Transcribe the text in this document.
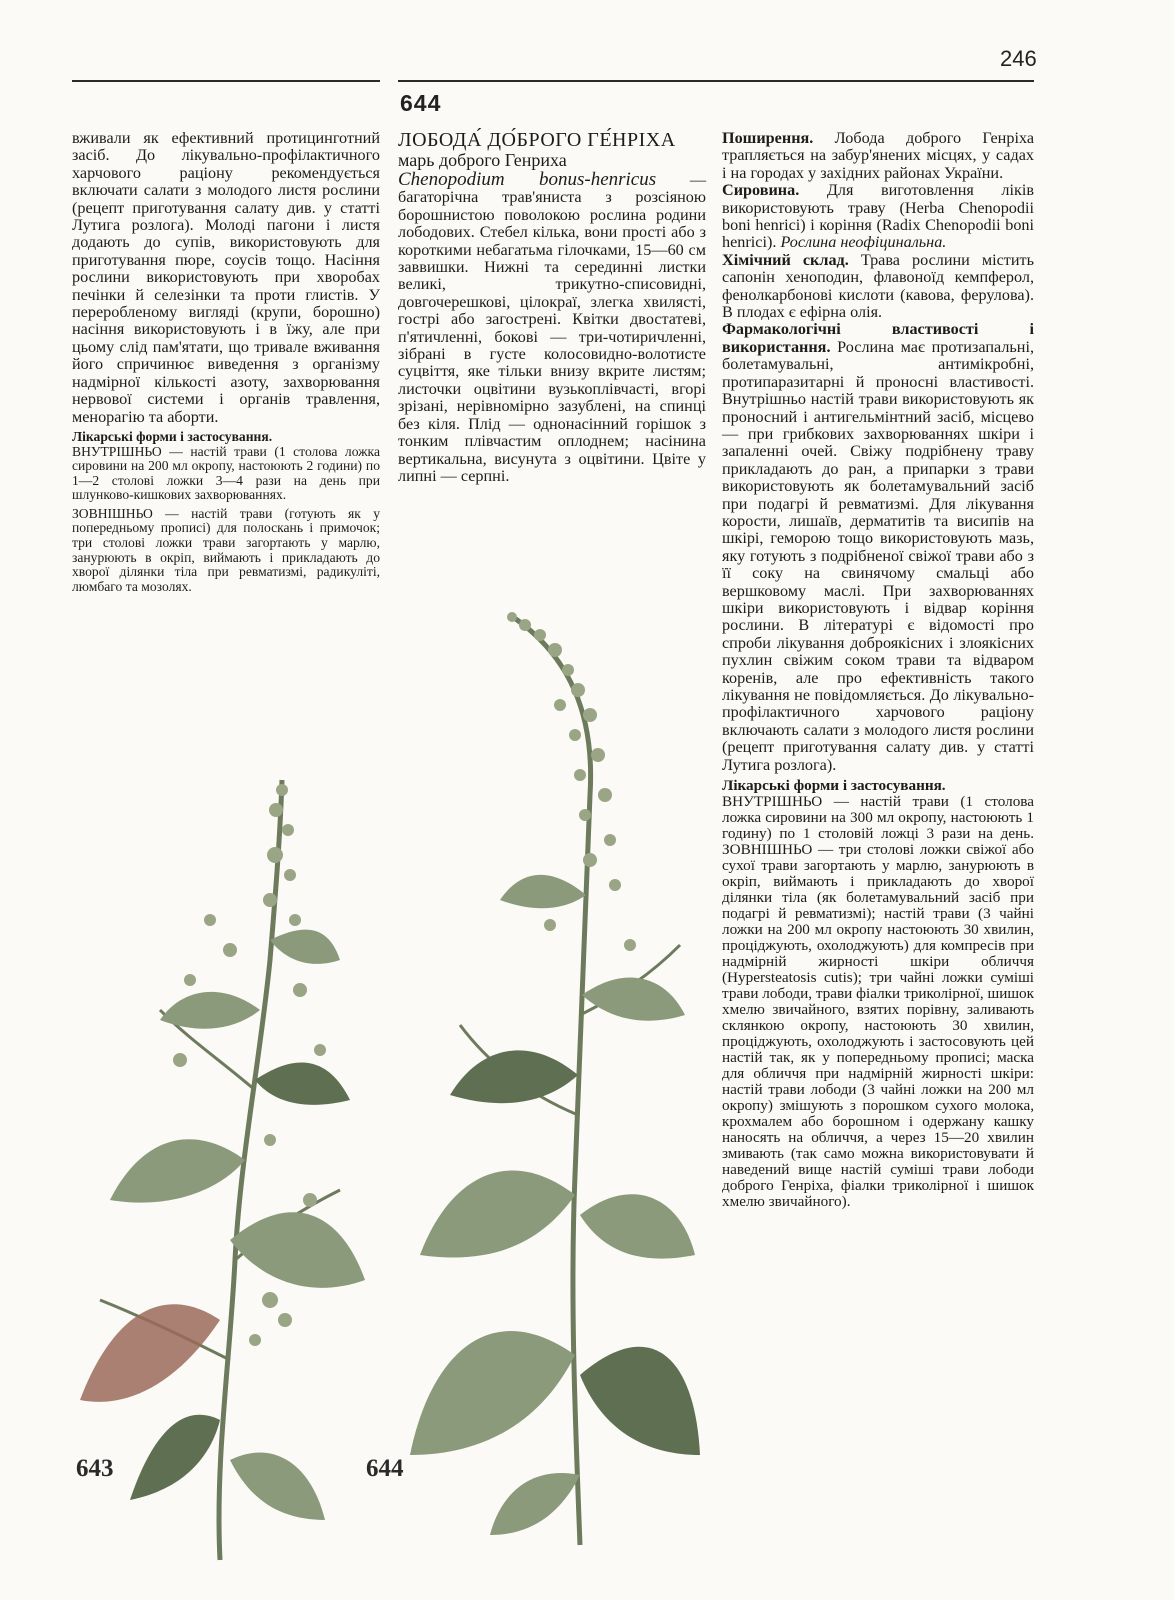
246
644

вживали як ефективний протицинготний засіб. До лікувально-профілактичного харчового раціону рекомендується включати салати з молодого листя рослини (рецепт приготування салату див. у статті Лутига розлога). Молоді пагони і листя додають до супів, використовують для приготування пюре, соусів тощо. Насіння рослини використовують при хворобах печінки й селезінки та проти глистів. У переробленому вигляді (крупи, борошно) насіння використовують і в їжу, але при цьому слід пам'ятати, що тривале вживання його спричинює виведення з організму надмірної кількості азоту, захворювання нервової системи і органів травлення, менорагію та аборти.

Лікарські форми і застосування.

ВНУТРІШНЬО — настій трави (1 столова ложка сировини на 200 мл окропу, настоюють 2 години) по 1—2 столові ложки 3—4 рази на день при шлунково-кишкових захворюваннях.

ЗОВНІШНЬО — настій трави (готують як у попередньому прописі) для полоскань і примочок; три столові ложки трави загортають у марлю, занурюють в окріп, виймають і прикладають до хворої ділянки тіла при ревматизмі, радикуліті, люмбаго та мозолях.

ЛОБОДА́ ДО́БРОГО ГЕ́НРІХА
марь доброго Генриха

Chenopodium bonus-henricus — багаторічна трав'яниста з розсіяною борошнистою поволокою рослина родини лободових. Стебел кілька, вони прості або з короткими небагатьма гілочками, 15—60 см заввишки. Нижні та серединні листки великі, трикутно-списовидні, довгочерешкові, цілокраї, злегка хвилясті, гострі або загострені. Квітки двостатеві, п'ятичленні, бокові — три-чотиричленні, зібрані в густе колосовидно-волотисте суцвіття, яке тільки внизу вкрите листям; листочки оцвітини вузькоплівчасті, вгорі зрізані, нерівномірно зазублені, на спинці без кіля. Плід — однонасінний горішок з тонким плівчастим оплоднем; насінина вертикальна, висунута з оцвітини. Цвіте у липні — серпні.

Поширення. Лобода доброго Генріха трапляється на забур'янених місцях, у садах і на городах у західних районах України.

Сировина. Для виготовлення ліків використовують траву (Herba Chenopodii boni henrici) і коріння (Radix Chenopodii boni henrici). Рослина неофіцинальна.

Хімічний склад. Трава рослини містить сапонін хеноподин, флавоноїд кемпферол, фенолкарбонові кислоти (кавова, ферулова). В плодах є ефірна олія.

Фармакологічні властивості і використання. Рослина має протизапальні, болетамувальні, антимікробні, протипаразитарні й проносні властивості. Внутрішньо настій трави використовують як проносний і антигельмінтний засіб, місцево — при грибкових захворюваннях шкіри і запаленні очей. Свіжу подрібнену траву прикладають до ран, а припарки з трави використовують як болетамувальний засіб при подагрі й ревматизмі. Для лікування корости, лишаїв, дерматитів та висипів на шкірі, геморою тощо використовують мазь, яку готують з подрібненої свіжої трави або з її соку на свинячому смальці або вершковому маслі. При захворюваннях шкіри використовують і відвар коріння рослини. В літературі є відомості про спроби лікування доброякісних і злоякісних пухлин свіжим соком трави та відваром коренів, але про ефективність такого лікування не повідомляється. До лікувально-профілактичного харчового раціону включають салати з молодого листя рослини (рецепт приготування салату див. у статті Лутига розлога).

Лікарські форми і застосування.

ВНУТРІШНЬО — настій трави (1 столова ложка сировини на 300 мл окропу, настоюють 1 годину) по 1 столовій ложці 3 рази на день. ЗОВНІШНЬО — три столові ложки свіжої або сухої трави загортають у марлю, занурюють в окріп, виймають і прикладають до хворої ділянки тіла (як болетамувальний засіб при подагрі й ревматизмі); настій трави (3 чайні ложки на 200 мл окропу настоюють 30 хвилин, проціджують, охолоджують) для компресів при надмірній жирності шкіри обличчя (Hypersteatosis cutis); три чайні ложки суміші трави лободи, трави фіалки триколірної, шишок хмелю звичайного, взятих порівну, заливають склянкою окропу, настоюють 30 хвилин, проціджують, охолоджують і застосовують цей настій так, як у попередньому прописі; маска для обличчя при надмірній жирності шкіри: настій трави лободи (3 чайні ложки на 200 мл окропу) змішують з порошком сухого молока, крохмалем або борошном і одержану кашку наносять на обличчя, а через 15—20 хвилин змивають (так само можна використовувати й наведений вище настій суміші трави лободи доброго Генріха, фіалки триколірної і шишок хмелю звичайного).

643	644
